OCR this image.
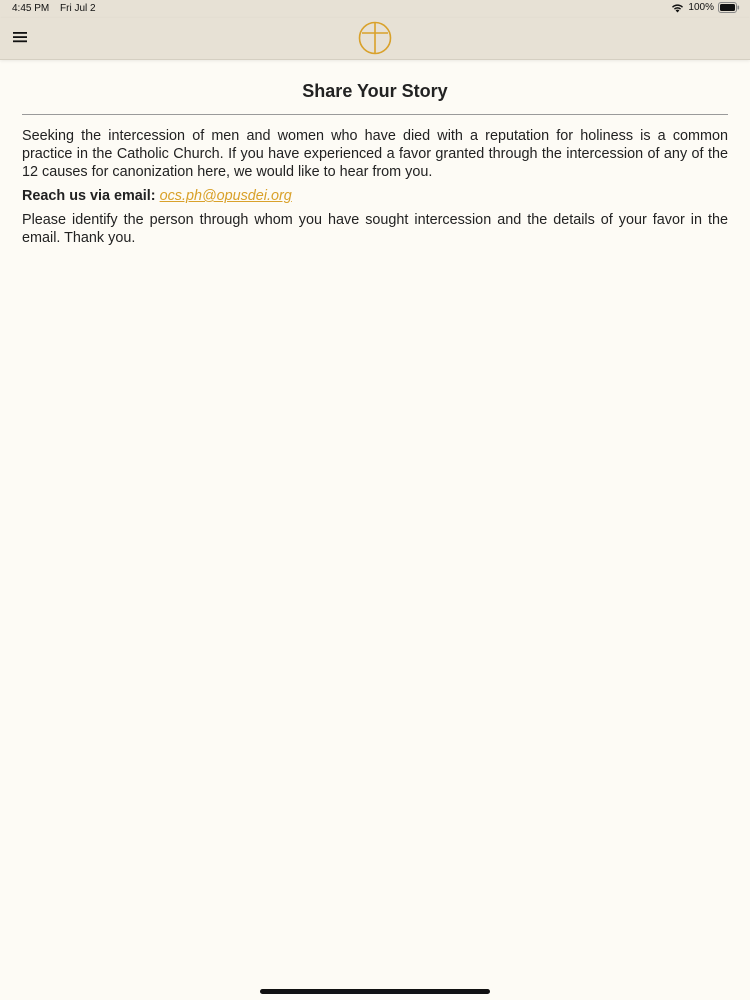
4:45 PM Fri Jul 2	100%
Share Your Story

Seeking the intercession of men and women who have died with a reputation for holiness is a common practice in the Catholic Church. If you have experienced a favor granted through the intercession of any of the 12 causes for canonization here, we would like to hear from you.

Reach us via email: ocs.ph@opusdei.org

Please identify the person through whom you have sought intercession and the details of your favor in the email. Thank you.
